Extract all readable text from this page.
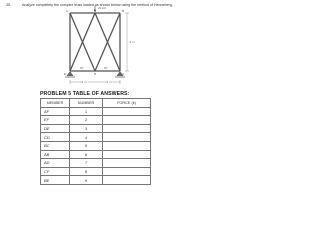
35.	Analyze completely the complex truss loaded as shown below using the method of Henneberg.
20 kN
A	B
C
D
E
F
60°	60°
9 m
6 m	6 m
PROBLEM 5 TABLE OF ANSWERS:
MEMBER	NUMBER	FORCE (k)
AF	1	
EF	2	
DE	3	
CD	4	
BC	5	
AB	6	
AD	7	
CF	8	
BE	9	
